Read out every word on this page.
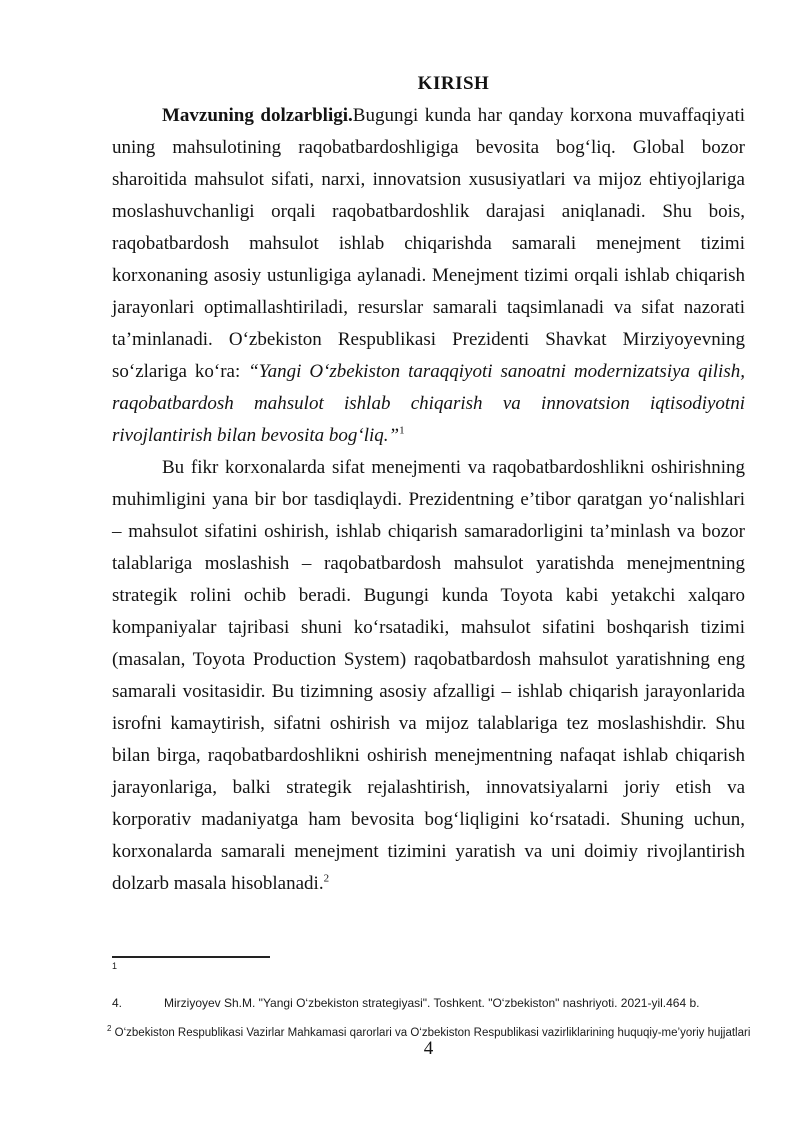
KIRISH

Mavzuning dolzarbligi.Bugungi kunda har qanday korxona muvaffaqiyati uning mahsulotining raqobatbardoshligiga bevosita bog‘liq. Global bozor sharoitida mahsulot sifati, narxi, innovatsion xususiyatlari va mijoz ehtiyojlariga moslashuvchanligi orqali raqobatbardoshlik darajasi aniqlanadi. Shu bois, raqobatbardosh mahsulot ishlab chiqarishda samarali menejment tizimi korxonaning asosiy ustunligiga aylanadi. Menejment tizimi orqali ishlab chiqarish jarayonlari optimallashtiriladi, resurslar samarali taqsimlanadi va sifat nazorati ta’minlanadi. O‘zbekiston Respublikasi Prezidenti Shavkat Mirziyoyevning so‘zlariga ko‘ra: “Yangi O‘zbekiston taraqqiyoti sanoatni modernizatsiya qilish, raqobatbardosh mahsulot ishlab chiqarish va innovatsion iqtisodiyotni rivojlantirish bilan bevosita bog‘liq.”$^1$

Bu fikr korxonalarda sifat menejmenti va raqobatbardoshlikni oshirishning muhimligini yana bir bor tasdiqlaydi. Prezidentning e’tibor qaratgan yo‘nalishlari – mahsulot sifatini oshirish, ishlab chiqarish samaradorligini ta’minlash va bozor talablariga moslashish – raqobatbardosh mahsulot yaratishda menejmentning strategik rolini ochib beradi. Bugungi kunda Toyota kabi yetakchi xalqaro kompaniyalar tajribasi shuni ko‘rsatadiki, mahsulot sifatini boshqarish tizimi (masalan, Toyota Production System) raqobatbardosh mahsulot yaratishning eng samarali vositasidir. Bu tizimning asosiy afzalligi – ishlab chiqarish jarayonlarida isrofni kamaytirish, sifatni oshirish va mijoz talablariga tez moslashishdir. Shu bilan birga, raqobatbardoshlikni oshirish menejmentning nafaqat ishlab chiqarish jarayonlariga, balki strategik rejalashtirish, innovatsiyalarni joriy etish va korporativ madaniyatga ham bevosita bog‘liqligini ko‘rsatadi. Shuning uchun, korxonalarda samarali menejment tizimini yaratish va uni doimiy rivojlantirish dolzarb masala hisoblanadi.$^2$

1
4.	Mirziyoyev Sh.M. "Yangi O‘zbekiston strategiyasi". Toshkent. "O‘zbekiston" nashriyoti. 2021-yil.464 b.
$^2$ O‘zbekiston Respublikasi Vazirlar Mahkamasi qarorlari va O‘zbekiston Respublikasi vazirliklarining huquqiy-me’yoriy hujjatlari
4
